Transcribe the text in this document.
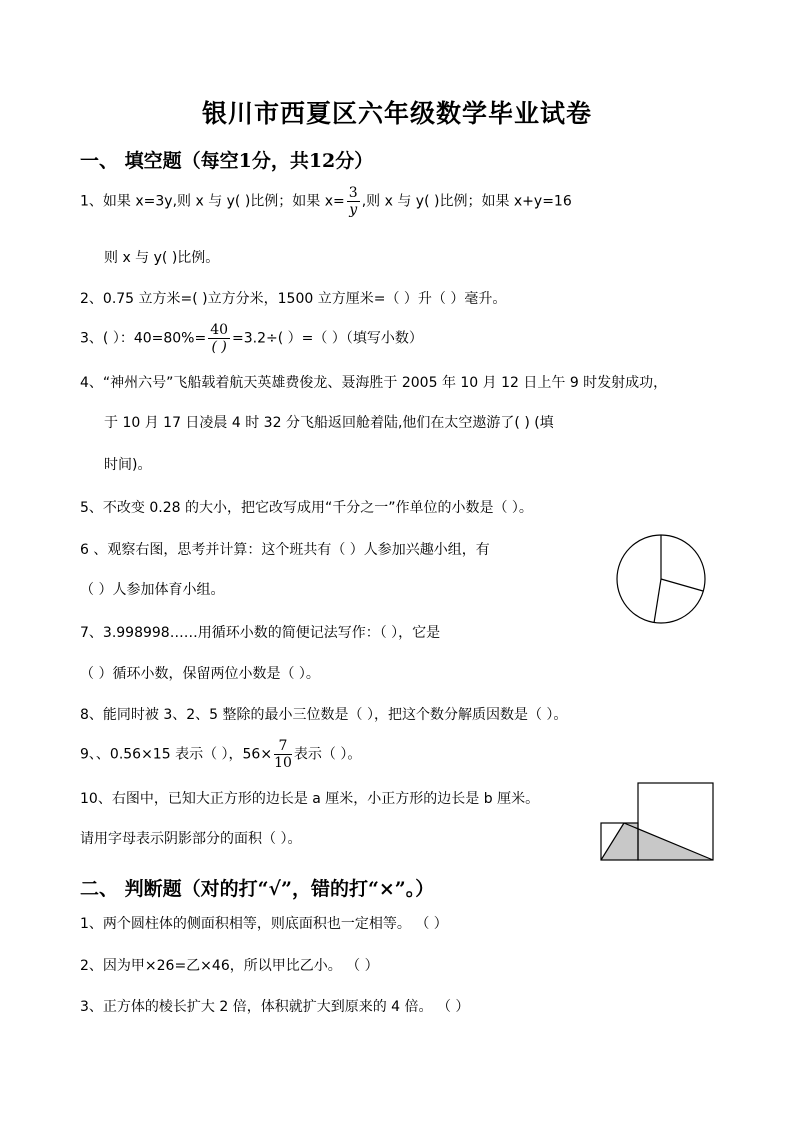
银川市西夏区六年级数学毕业试卷
一、 填空题（每空1分，共12分）
1、如果 x=3y,则 x 与 y( )比例；如果 $x= \frac{3}{y}$ ,则 x 与 y( )比例；如果 x+y=16
则 x 与 y( )比例。
2、0.75 立方米=( )立方分米，1500 立方厘米=（ ）升（ ）毫升。
3、( ）：$40=80\%= \frac{40}{( )} =3.2\div$( ）=（ ）（填写小数）
4、“神州六号”飞船载着航天英雄费俊龙、聂海胜于 2005 年 10 月 12 日上午 9 时发射成功，
于 10 月 17 日凌晨 4 时 32 分飞船返回舱着陆,他们在太空遨游了( ) (填
时间)。
5、不改变 0.28 的大小，把它改写成用“千分之一”作单位的小数是（ ）。
6 、观察右图，思考并计算：这个班共有（ ）人参加兴趣小组，有
（ ）人参加体育小组。
7、3.998998……用循环小数的简便记法写作：（ ），它是
（ ）循环小数，保留两位小数是（ ）。
8、能同时被 3、2、5 整除的最小三位数是（ ），把这个数分解质因数是（ ）。
9、、0.56×15 表示（ ），$56\times \frac{7}{10}$ 表示（ ）。
10、右图中，已知大正方形的边长是 a 厘米，小正方形的边长是 b 厘米。
请用字母表示阴影部分的面积（ ）。
二、 判断题（对的打“√”，错的打“×”。）
1、两个圆柱体的侧面积相等，则底面积也一定相等。 （ ）
2、因为甲×26=乙×46，所以甲比乙小。 （ ）
3、正方体的棱长扩大 2 倍，体积就扩大到原来的 4 倍。 （ ）
